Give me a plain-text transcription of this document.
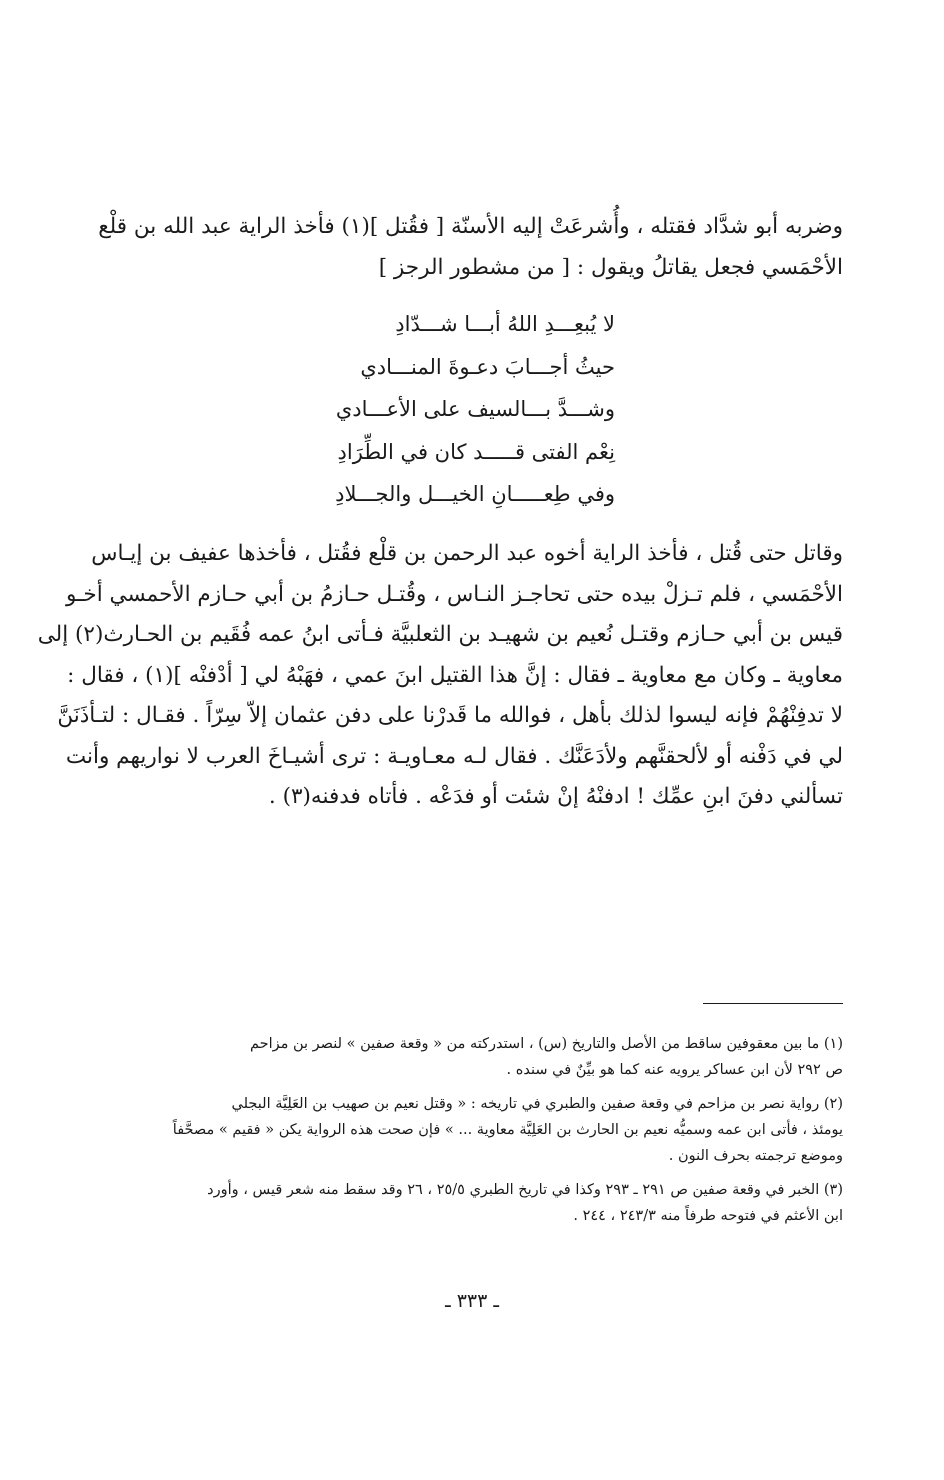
وضربه أبو شدَّاد فقتله ، وأُشرعَتْ إليه الأسنّة [ فقُتل ](١) فأخذ الراية عبد الله بن قلْع
الأحْمَسي فجعل يقاتلُ ويقول : [ من مشطور الرجز ]
لا يُبعِـــدِ اللهُ أبـــا شـــدّادِ
حيثُ أجـــابَ دعـوةَ المنـــادي
وشـــدَّ بـــالسيف على الأعـــادي
نِعْم الفتى قـــــد كان في الطِّرَادِ
وفي طِعـــــانِ الخيـــل والجـــلادِ
وقاتل حتى قُتل ، فأخذ الراية أخوه عبد الرحمن بن قلْع فقُتل ، فأخذها عفيف بن إيـاس
الأحْمَسي ، فلم تـزلْ بيده حتى تحاجـز النـاس ، وقُتـل حـازمُ بن أبي حـازم الأحمسي أخـو
قيس بن أبي حـازم وقتـل نُعيم بن شهيـد بن الثعلبيَّة فـأتى ابنُ عمه فُقَيم بن الحـارث(٢) إلى
معاوية ـ وكان مع معاوية ـ فقال : إنَّ هذا القتيل ابنَ عمي ، فهَبْهُ لي [ أدْفنْه ](١) ، فقال :
لا تدفِنْهُمْ فإنه ليسوا لذلك بأهل ، فوالله ما قَدرْنا على دفن عثمان إلاّ سِرّاً . فقـال : لتـأذَنَنَّ
لي في دَفْنه أو لألحقنَّهم ولأدَعَنَّك . فقال لـه معـاويـة : ترى أشيـاخَ العرب لا نواريهم وأنت
تسألني دفنَ ابنِ عمِّك ! ادفنْهُ إنْ شئت أو فدَعْه . فأتاه فدفنه(٣) .

(١) ما بين معقوفين ساقط من الأصل والتاريخ (س) ، استدركته من « وقعة صفين » لنصر بن مزاحم
ص ٢٩٢ لأن ابن عساكر يرويه عنه كما هو بيِّنٌ في سنده .

(٢) رواية نصر بن مزاحم في وقعة صفين والطبري في تاريخه : « وقتل نعيم بن صهيب بن العَلِيَّة البجلي
يومئذ ، فأتى ابن عمه وسميُّه نعيم بن الحارث بن العَلِيَّة معاوية ... » فإن صحت هذه الرواية يكن « فقيم » مصحَّفاً
وموضع ترجمته بحرف النون .

(٣) الخبر في وقعة صفين ص ٢٩١ ـ ٢٩٣ وكذا في تاريخ الطبري ٢٥/٥ ، ٢٦ وقد سقط منه شعر قيس ، وأورد
ابن الأعثم في فتوحه طرفاً منه ٢٤٣/٣ ، ٢٤٤ .

ـ ٣٣٣ ـ
